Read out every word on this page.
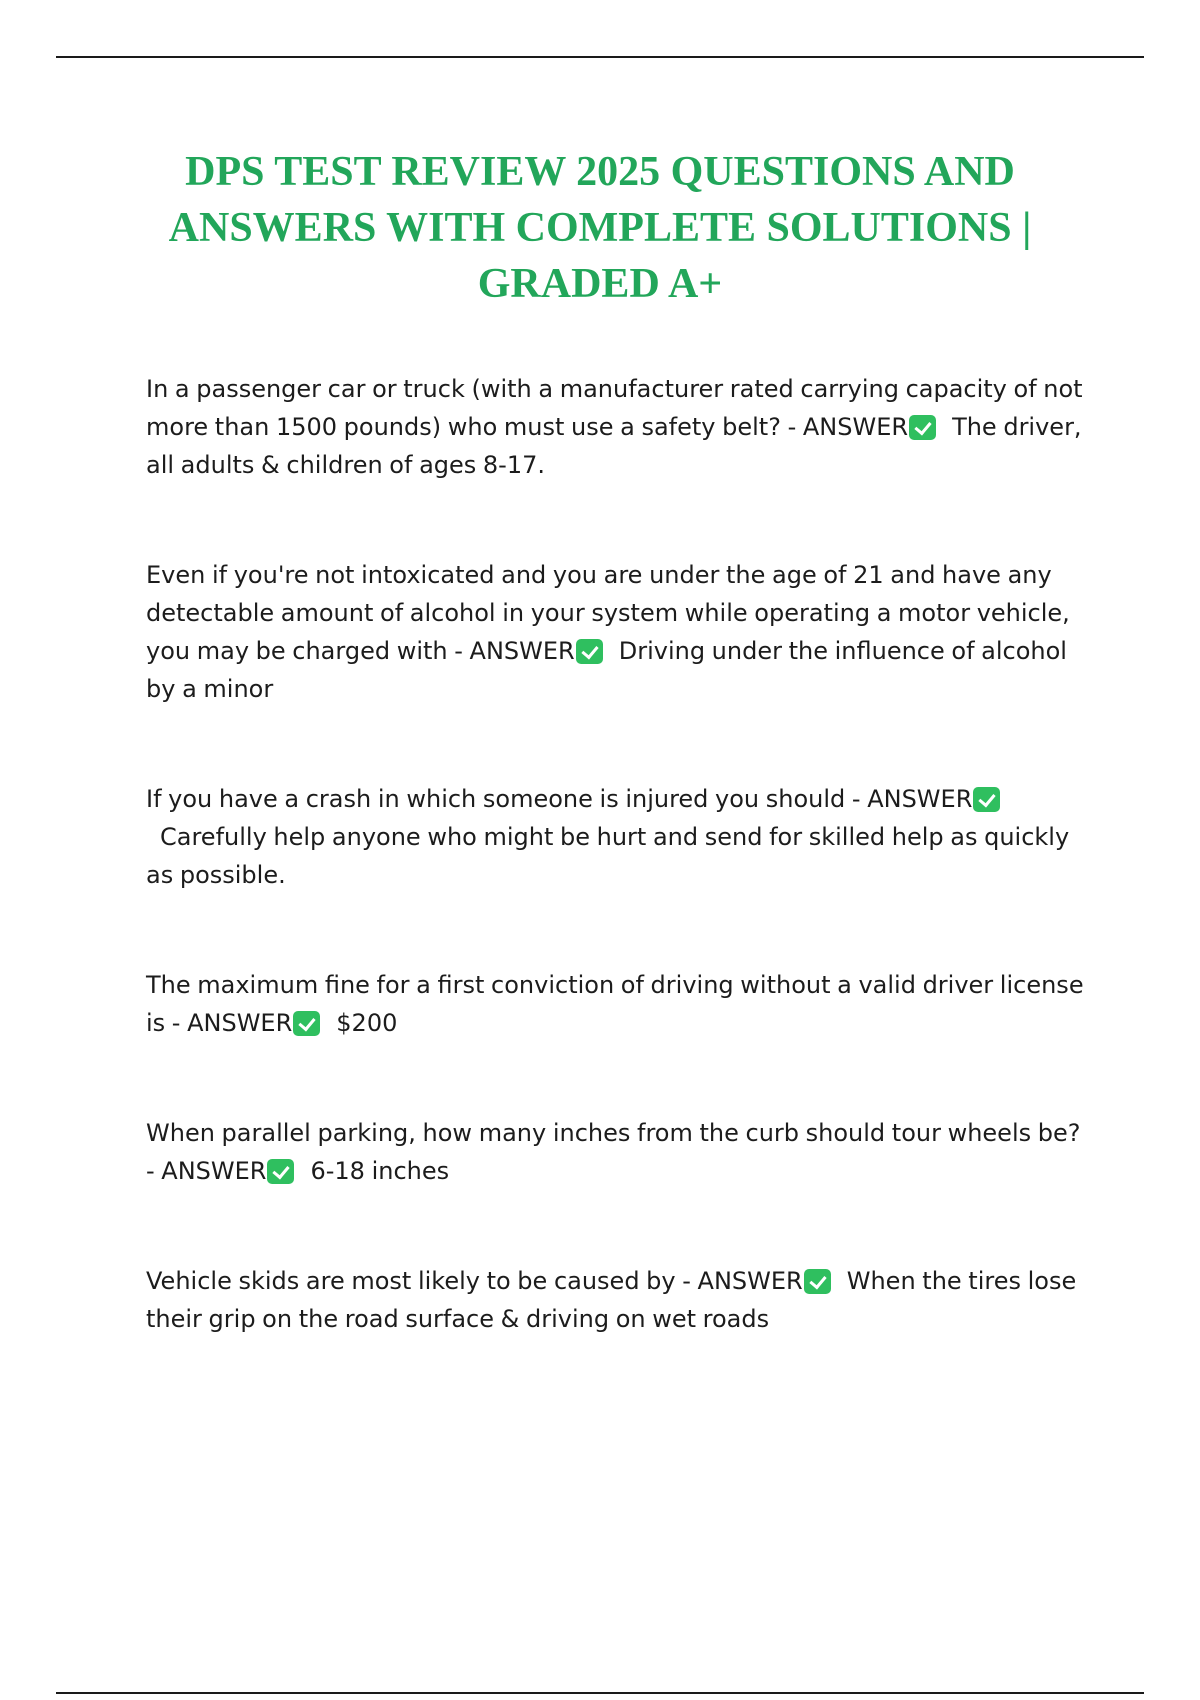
DPS TEST REVIEW 2025 QUESTIONS AND ANSWERS WITH COMPLETE SOLUTIONS | GRADED A+

In a passenger car or truck (with a manufacturer rated carrying capacity of not more than 1500 pounds) who must use a safety belt? - ANSWER The driver, all adults & children of ages 8-17.

Even if you're not intoxicated and you are under the age of 21 and have any detectable amount of alcohol in your system while operating a motor vehicle, you may be charged with - ANSWER Driving under the influence of alcohol by a minor

If you have a crash in which someone is injured you should - ANSWERCarefully help anyone who might be hurt and send for skilled help as quickly as possible.

The maximum fine for a first conviction of driving without a valid driver license is - ANSWER $200

When parallel parking, how many inches from the curb should tour wheels be? - ANSWER 6-18 inches

Vehicle skids are most likely to be caused by - ANSWER When the tires lose their grip on the road surface & driving on wet roads
